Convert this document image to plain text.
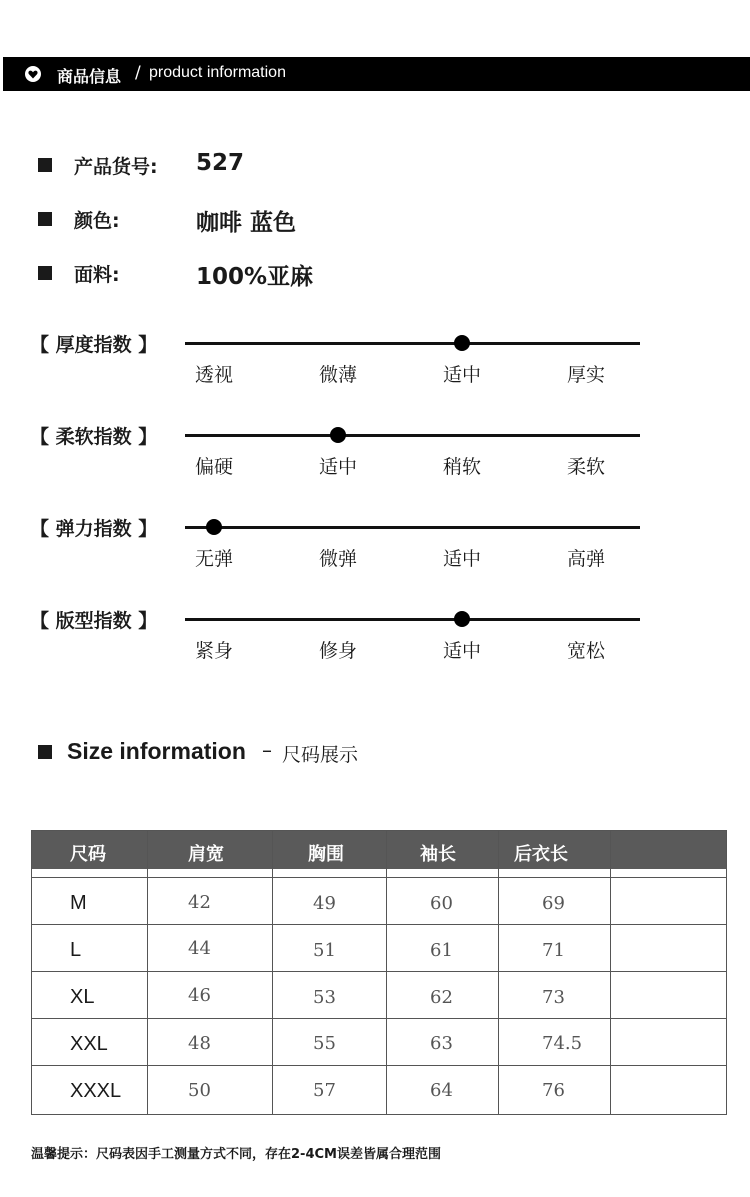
商品信息 / product information
产品货号: 527
颜色:	咖啡 蓝色
面料:	100%亚麻
【 厚度指数 】
透视	微薄	适中	厚实
【 柔软指数 】
偏硬	适中	稍软	柔软
【 弹力指数 】
无弹	微弹	适中	高弹
【 版型指数 】
紧身	修身	适中	宽松
Size information – 尺码展示
尺码	肩宽	胸围	袖长	后衣长
M	42	49	60	69
L	44	51	61	71
XL	46	53	62	73
XXL	48	55	63	74.5
XXXL	50	57	64	76
温馨提示：尺码表因手工测量方式不同，存在2-4CM误差皆属合理范围
